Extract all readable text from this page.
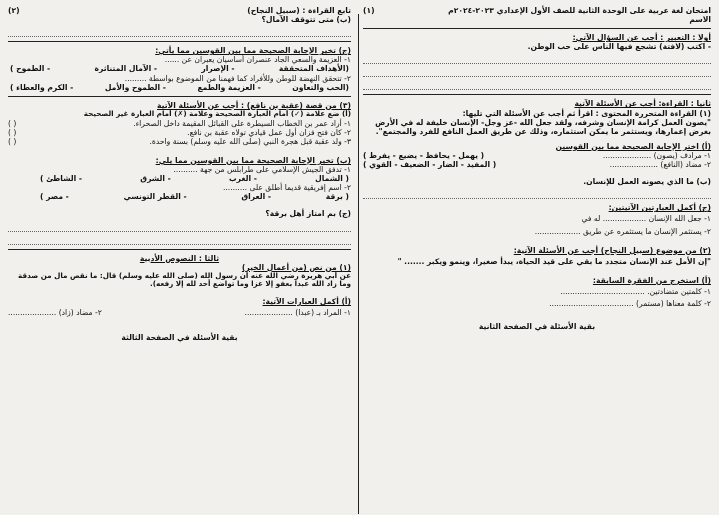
امتحان لغة عربية على الوحدة الثانية للصف الأول الإعدادي ٢٠٢٣-٢٠٢٤م
(١)
الاسم
أولا : التعبير : أجب عن السؤال الآتي:
- اكتب (لافتة) تشجع فيها الناس على حب الوطن.
ثانيا : القراءة: أجب عن الأسئلة الآتية
(١) القراءة المتحررة المحتوى : اقرأ ثم أجب عن الأسئلة التي تليها:
"يصون العمل كرامة الإنسان وشرفه، ولقد جعل الله -عز وجل- الإنسان خليفة له في الأرض
بغرض إعمارها، ويستثمر ما يمكن استثماره، وذلك عن طريق العمل النافع للفرد والمجتمع".
(أ) اختر الإجابة الصحيحة مما بين القوسين
١- مرادف (يصون) ....................
( يهمل - يحافظ - يضيع - يفرط )
٢- مضاد (النافع) ....................
( المفيد - الضار - الضعيف - القوي )
(ب) ما الذي يصونه العمل للإنسان.
(ج) أكمل العبارتين الآتيتين:
١- جعل الله الإنسان .................. له في
٢- يستثمر الإنسان ما يستثمره عن طريق ...................
(٢) من موضوع (سبيل النجاح) أجب عن الأسئلة الآتية:
"إن الأمل عند الإنسان متجدد ما بقي على قيد الحياة، يبدأ صغيرا، وينمو ويكبر ....... "
(أ) استخرج من الفقرة السابقة:
١- كلمتين متضادتين. ...................................
٢- كلمة معناها (مستمر) ...................................
بقية الأسئلة في الصفحة الثانية
تابع القراءة : (سبيل النجاح)
(٢)
(ب) متى تتوقف الآمال؟
(ج) تخير الإجابة الصحيحة مما بين القوسين مما يأتي:
١- العزيمة والسعي الجاد عنصران أساسيان يعبران عن ......
(الأهداف المتحققة
- الإصرار
- الآمال المتناثرة
- الطموح )
٢- تتحقق النهضة للوطن وللأفراد كما فهمنا من الموضوع بواسطة .........
(الحب والتعاون
- العزيمة والطمع
- الطموح والأمل
- الكرم والعطاء )
(٣) من قصة (عقبة بن نافع) : أجب عن الأسئلة الآتية
(أ) ضع علامة (✓) أمام العبارة الصحيحة وعلامة (✗) أمام العبارة غير الصحيحة
١- أراد عمر بن الخطاب السيطرة على القبائل المقيمة داخل الصحراء.
( )
٢- كان فتح فزان أول عمل قيادي تولاه عقبة بن نافع.
( )
٣- ولد عقبة قبل هجرة النبي (صلى الله عليه وسلم) بسنة واحدة.
( )
(ب) تخير الإجابة الصحيحة مما بين القوسين مما يلي:
١- تدفق الجيش الإسلامي على طرابلس من جهة ..........
( الشمال
- الغرب
- الشرق
- الشاطئ )
٢- اسم إفريقية قديما أطلق على ..........
( برقة
- العراق
- القطر التونسي
- مصر )
(ج) بم امتاز أهل برقة؟
ثالثا : النصوص الأدبية
(١) من نص (من أعمال الخير)
عن أبي هريرة رضي الله عنه أن رسول الله (صلى الله عليه وسلم) قال: ما نقص مال من صدقة
وما زاد الله عبدا بعفو إلا عزا وما تواضع أحد لله إلا رفعه).
(أ) أكمل العبارات الآتية:
١- المراد بـ (عبدا) ....................
٢- مضاد (زاد) ....................
بقية الأسئلة في الصفحة الثالثة
